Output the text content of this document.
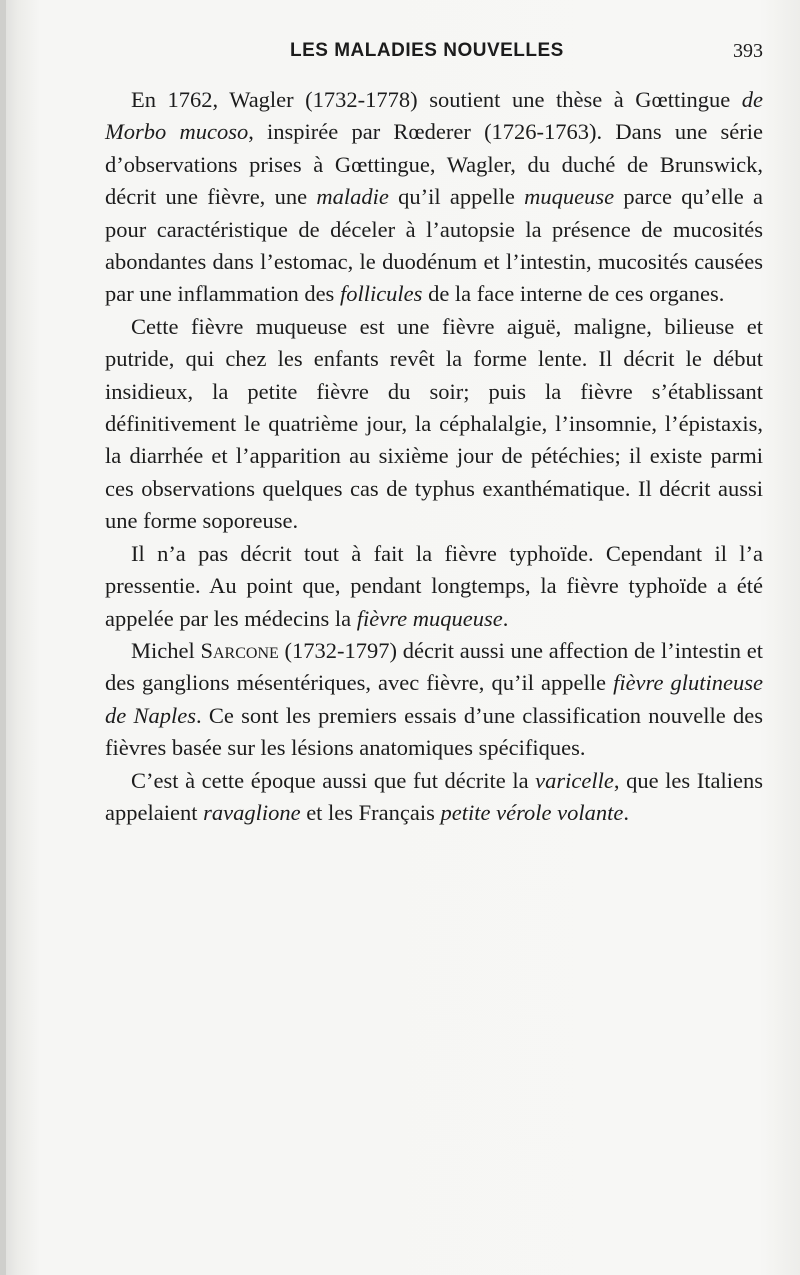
LES MALADIES NOUVELLES	393

En 1762, Wagler (1732-1778) soutient une thèse à Gœttingue de Morbo mucoso, inspirée par Rœderer (1726-1763). Dans une série d’observations prises à Gœttingue, Wagler, du duché de Brunswick, décrit une fièvre, une maladie qu’il appelle muqueuse parce qu’elle a pour caractéristique de déceler à l’autopsie la présence de mucosités abondantes dans l’estomac, le duodénum et l’intestin, mucosités causées par une inflammation des follicules de la face interne de ces organes.

Cette fièvre muqueuse est une fièvre aiguë, maligne, bilieuse et putride, qui chez les enfants revêt la forme lente. Il décrit le début insidieux, la petite fièvre du soir; puis la fièvre s’établissant définitivement le quatrième jour, la céphalalgie, l’insomnie, l’épistaxis, la diarrhée et l’apparition au sixième jour de pétéchies; il existe parmi ces observations quelques cas de typhus exanthématique. Il décrit aussi une forme soporeuse.

Il n’a pas décrit tout à fait la fièvre typhoïde. Cependant il l’a pressentie. Au point que, pendant longtemps, la fièvre typhoïde a été appelée par les médecins la fièvre muqueuse.

Michel Sarcone (1732-1797) décrit aussi une affection de l’intestin et des ganglions mésentériques, avec fièvre, qu’il appelle fièvre glutineuse de Naples. Ce sont les premiers essais d’une classification nouvelle des fièvres basée sur les lésions anatomiques spécifiques.

C’est à cette époque aussi que fut décrite la varicelle, que les Italiens appelaient ravaglione et les Français petite vérole volante.
